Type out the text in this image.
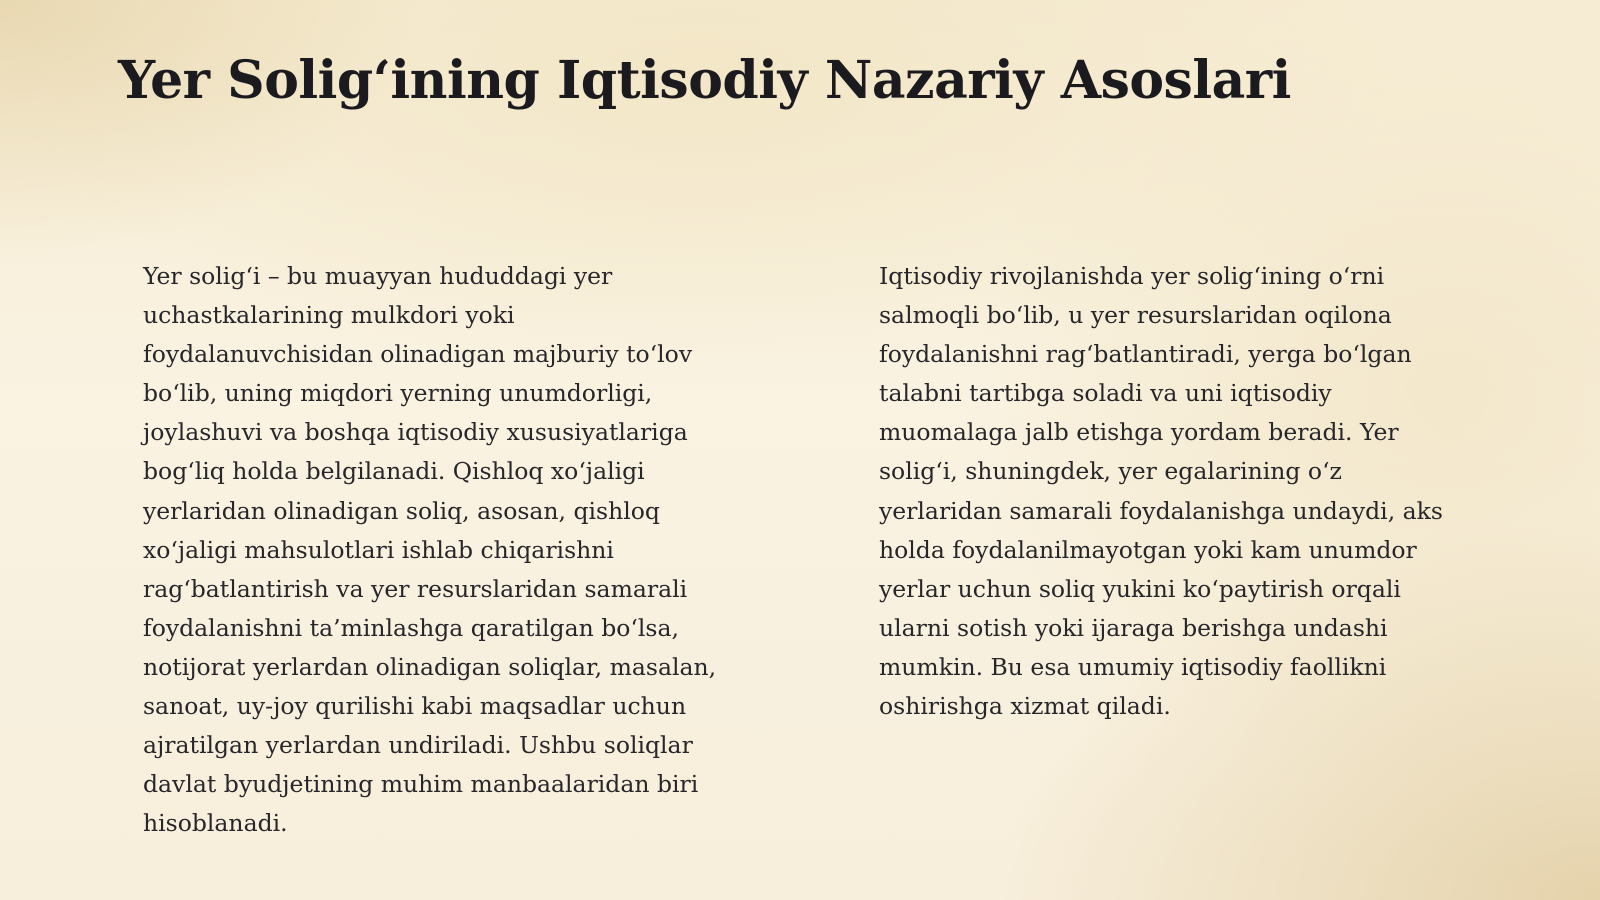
Yer Solig‘ining Iqtisodiy Nazariy Asoslari

Yer solig‘i – bu muayyan hududdagi yer uchastkalarining mulkdori yoki foydalanuvchisidan olinadigan majburiy to‘lov bo‘lib, uning miqdori yerning unumdorligi, joylashuvi va boshqa iqtisodiy xususiyatlariga bog‘liq holda belgilanadi. Qishloq xo‘jaligi yerlaridan olinadigan soliq, asosan, qishloq xo‘jaligi mahsulotlari ishlab chiqarishni rag‘batlantirish va yer resurslaridan samarali foydalanishni ta’minlashga qaratilgan bo‘lsa, notijorat yerlardan olinadigan soliqlar, masalan, sanoat, uy-joy qurilishi kabi maqsadlar uchun ajratilgan yerlardan undiriladi. Ushbu soliqlar davlat byudjetining muhim manbaalaridan biri hisoblanadi.

Iqtisodiy rivojlanishda yer solig‘ining o‘rni salmoqli bo‘lib, u yer resurslaridan oqilona foydalanishni rag‘batlantiradi, yerga bo‘lgan talabni tartibga soladi va uni iqtisodiy muomalaga jalb etishga yordam beradi. Yer solig‘i, shuningdek, yer egalarining o‘z yerlaridan samarali foydalanishga undaydi, aks holda foydalanilmayotgan yoki kam unumdor yerlar uchun soliq yukini ko‘paytirish orqali ularni sotish yoki ijaraga berishga undashi mumkin. Bu esa umumiy iqtisodiy faollikni oshirishga xizmat qiladi.
